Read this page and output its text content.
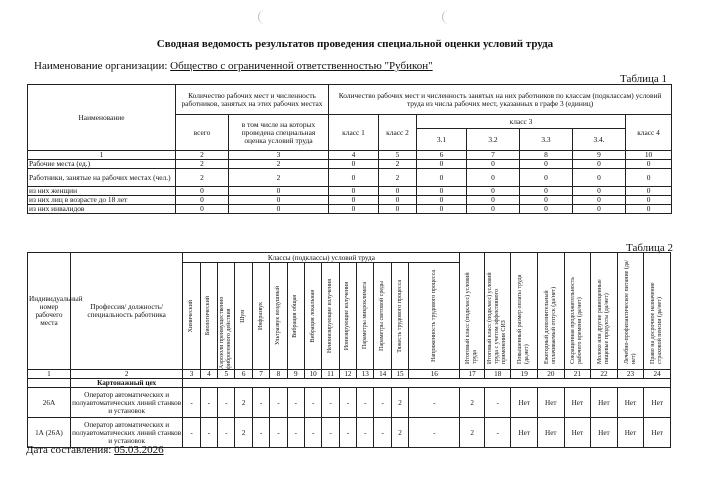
Сводная ведомость результатов проведения специальной оценки условий труда
Наименование организации: Общество с ограниченной ответственностью "Рубикон"
Таблица 1
Наименование	Количество рабочих мест и численность работников, занятых на этих рабочих местах		Количество рабочих мест и численность занятых на них работников по классам (подклассам) условий труда из числа рабочих мест, указанных в графе 3 (единиц)						
	всего	в том числе на которых проведена специальная оценка условий труда	класс 1	класс 2	класс 3				класс 4
					3.1	3.2	3.3	3.4.	
1	2	3	4	5	6	7	8	9	10
Рабочие места (ед.)	2	2	0	2	0	0	0	0	0
Работники, занятые на рабочих местах (чел.)	2	2	0	2	0	0	0	0	0
из них женщин	0	0	0	0	0	0	0	0	0
из них лиц в возрасте до 18 лет	0	0	0	0	0	0	0	0	0
из них инвалидов	0	0	0	0	0	0	0	0	0
Таблица 2
Индивидуальный номер рабочего места	Профессия/ должность/ специальность работника	Классы (подклассы) условий труда														Итоговый класс (подкласс) условий труда	Итоговый класс (подкласс) условий труда с учетом эффективного применения СИЗ	Повышенный размер оплаты труда (да,нет)	Ежегодный дополнительный оплачиваемый отпуск (да/нет)	Сокращенная продолжительность рабочего времени (да/нет)	Молоко или другие равноценные пищевые продукты (да/нет)	Лечебно-профилактическое питание (да/нет)	Право на досрочное назначение страховой пенсии (да/нет)

		Химический	Биологический	Аэрозоли преимущественно фиброгенного действия	Шум	Инфразвук	Ультразвук воздушный	Вибрация общая	Вибрация локальная	Неионизирующие излучения	Ионизирующие излучения	Параметры микроклимата	Параметры световой среды	Тяжесть трудового процесса	Напряженность трудового процесса								

1	2	3	4	5	6	7	8	9	10	11	12	13	14	15	16	17	18	19	20	21	22	23	24
	Картонажный цех																						
26А	Оператор автоматических и полуавтоматических линий станков и установок	-	-	-	2	-	-	-	-	-	-	-	-	2	-	2	-	Нет	Нет	Нет	Нет	Нет	Нет
1А (26А)	Оператор автоматических и полуавтоматических линий станков и установок	-	-	-	2	-	-	-	-	-	-	-	-	2	-	2	-	Нет	Нет	Нет	Нет	Нет	Нет
Дата составления: 05.03.2026
